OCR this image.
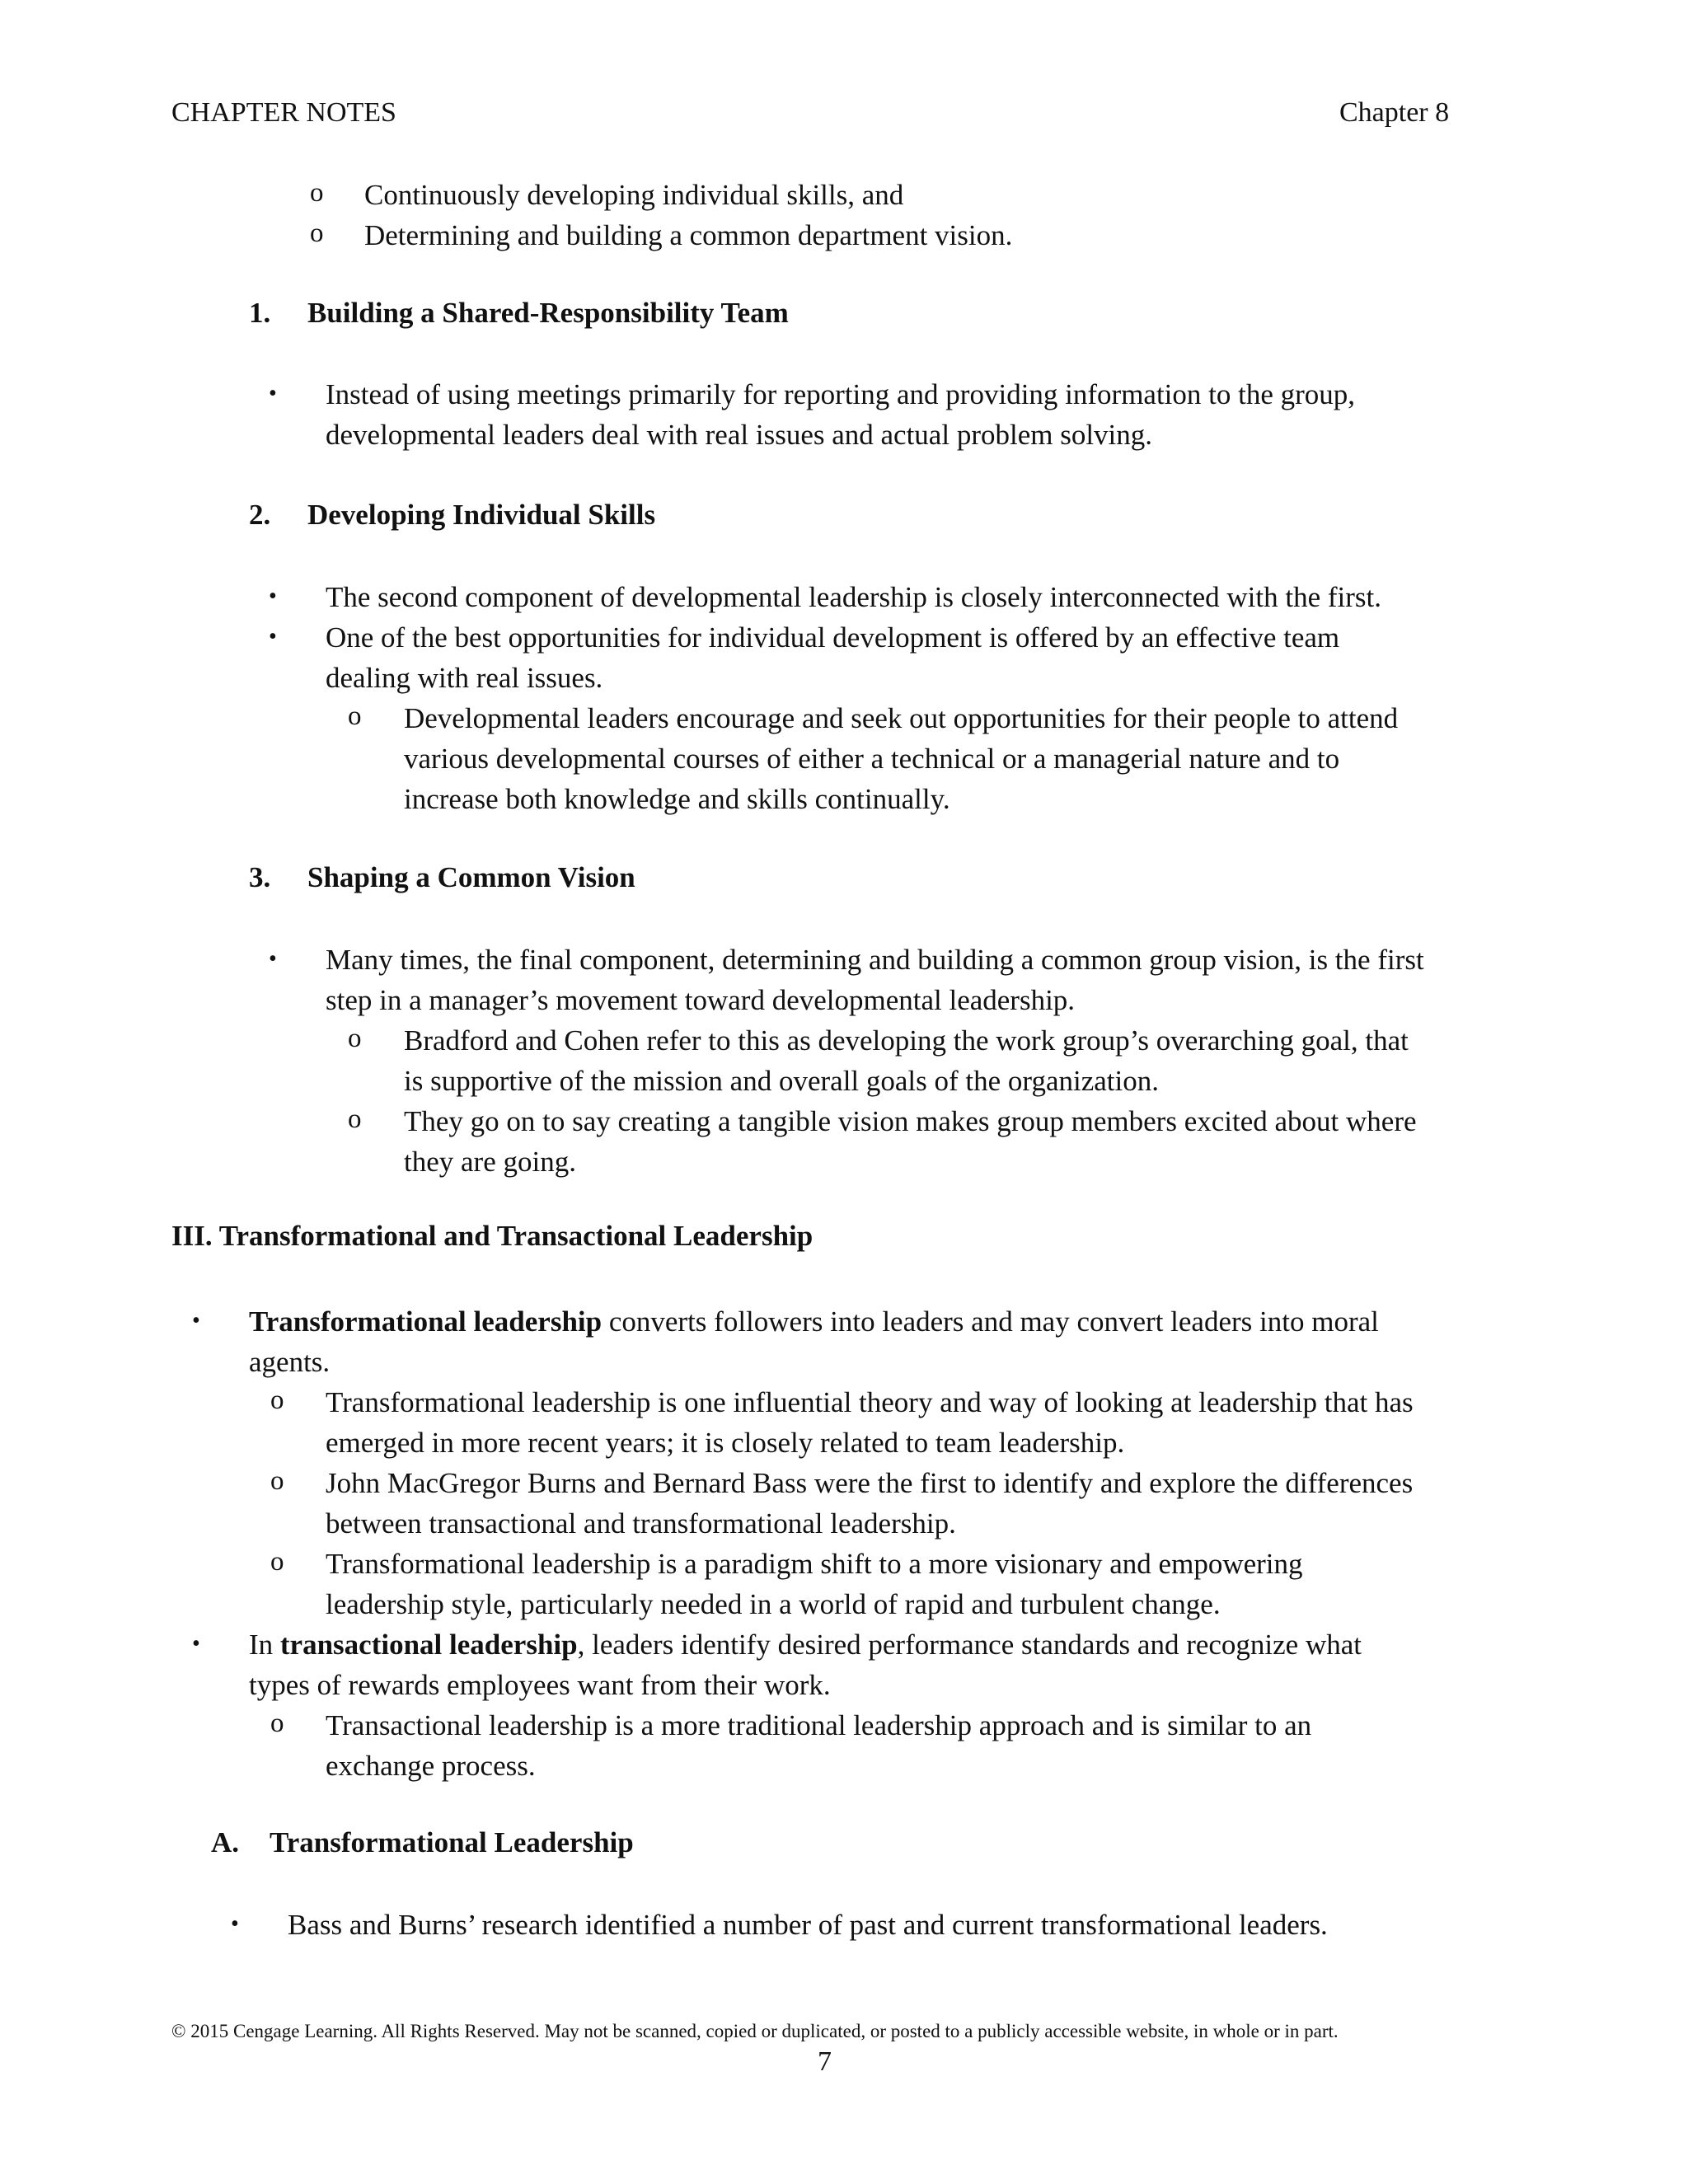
CHAPTER NOTES	Chapter 8
o Continuously developing individual skills, and
o Determining and building a common department vision.
1. Building a Shared-Responsibility Team
• Instead of using meetings primarily for reporting and providing information to the group,
developmental leaders deal with real issues and actual problem solving.
2. Developing Individual Skills
• The second component of developmental leadership is closely interconnected with the first.
• One of the best opportunities for individual development is offered by an effective team
dealing with real issues.
o Developmental leaders encourage and seek out opportunities for their people to attend
various developmental courses of either a technical or a managerial nature and to
increase both knowledge and skills continually.
3. Shaping a Common Vision
• Many times, the final component, determining and building a common group vision, is the first
step in a manager’s movement toward developmental leadership.
o Bradford and Cohen refer to this as developing the work group’s overarching goal, that
is supportive of the mission and overall goals of the organization.
o They go on to say creating a tangible vision makes group members excited about where
they are going.
III. Transformational and Transactional Leadership
• Transformational leadership converts followers into leaders and may convert leaders into moral
agents.
o Transformational leadership is one influential theory and way of looking at leadership that has
emerged in more recent years; it is closely related to team leadership.
o John MacGregor Burns and Bernard Bass were the first to identify and explore the differences
between transactional and transformational leadership.
o Transformational leadership is a paradigm shift to a more visionary and empowering
leadership style, particularly needed in a world of rapid and turbulent change.
• In transactional leadership, leaders identify desired performance standards and recognize what
types of rewards employees want from their work.
o Transactional leadership is a more traditional leadership approach and is similar to an
exchange process.
A. Transformational Leadership
• Bass and Burns’ research identified a number of past and current transformational leaders.
© 2015 Cengage Learning. All Rights Reserved. May not be scanned, copied or duplicated, or posted to a publicly accessible website, in whole or in part.
7
